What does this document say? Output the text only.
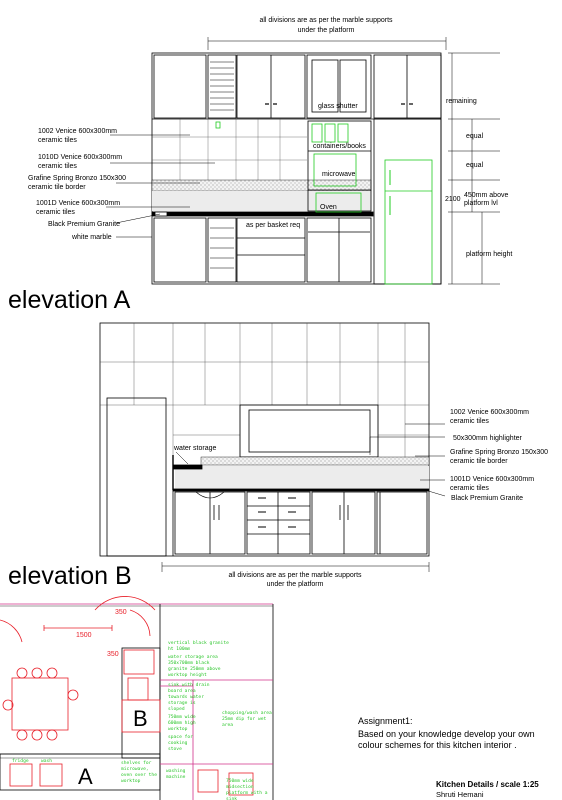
all divisions are as per the marble supports
under the platform
1002 Venice 600x300mm
ceramic tiles
1010D Venice 600x300mm
ceramic tiles
Grafine Spring Bronzo 150x300
ceramic tile border
1001D Venice 600x300mm
ceramic tiles
Black Premium Granite
white marble
glass shutter
containers/books
microwave
Oven
as per basket req
remaining
equal
equal
450mm above
platform lvl
2100
platform height
elevation A
water storage
1002 Venice 600x300mm
ceramic tiles
50x300mm highlighter
Grafine Spring Bronzo 150x300
ceramic tile border
1001D Venice 600x300mm
ceramic tiles
Black Premium Granite
all divisions are as per the marble supports
under the platform
elevation B
1500
350
350
B
A
fridge	wash
vertical black granite
ht 100mm
water storage area
350x700mm black
granite 250mm above
worktop height
sink with drain
board area
towards water
storage is
sloped
750mm wide
600mm high
worktop
chopping/wash area
25mm dip for wet
area
space for
cooking
stove
shelves for
microwave,
oven over the
worktop
washing
machine
750mm wide
midsection
platform with a
sink
Assignment1:
Based on your knowledge develop your own
colour schemes for this kitchen interior .
Kitchen Details / scale 1:25
Shruti Hemani
